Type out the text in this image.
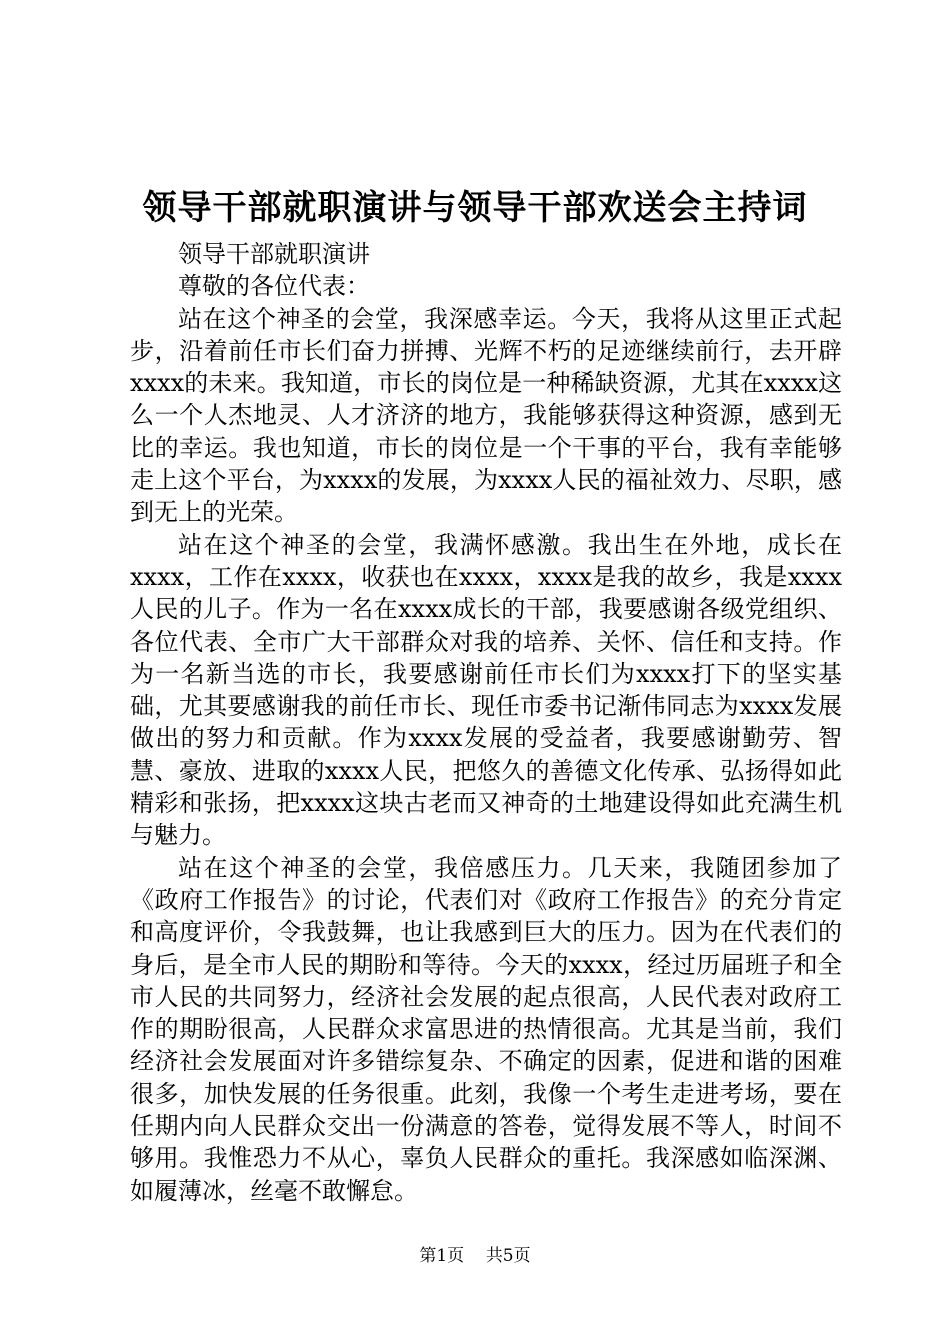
领导干部就职演讲与领导干部欢送会主持词

领导干部就职演讲

尊敬的各位代表：

站在这个神圣的会堂，我深感幸运。今天，我将从这里正式起步，沿着前任市长们奋力拼搏、光辉不朽的足迹继续前行，去开辟xxxx的未来。我知道，市长的岗位是一种稀缺资源，尤其在xxxx这么一个人杰地灵、人才济济的地方，我能够获得这种资源，感到无比的幸运。我也知道，市长的岗位是一个干事的平台，我有幸能够走上这个平台，为xxxx的发展，为xxxx人民的福祉效力、尽职，感到无上的光荣。

站在这个神圣的会堂，我满怀感激。我出生在外地，成长在xxxx，工作在xxxx，收获也在xxxx，xxxx是我的故乡，我是xxxx人民的儿子。作为一名在xxxx成长的干部，我要感谢各级党组织、各位代表、全市广大干部群众对我的培养、关怀、信任和支持。作为一名新当选的市长，我要感谢前任市长们为xxxx打下的坚实基础，尤其要感谢我的前任市长、现任市委书记渐伟同志为xxxx发展做出的努力和贡献。作为xxxx发展的受益者，我要感谢勤劳、智慧、豪放、进取的xxxx人民，把悠久的善德文化传承、弘扬得如此精彩和张扬，把xxxx这块古老而又神奇的土地建设得如此充满生机与魅力。

站在这个神圣的会堂，我倍感压力。几天来，我随团参加了《政府工作报告》的讨论，代表们对《政府工作报告》的充分肯定和高度评价，令我鼓舞，也让我感到巨大的压力。因为在代表们的身后，是全市人民的期盼和等待。今天的xxxx，经过历届班子和全市人民的共同努力，经济社会发展的起点很高，人民代表对政府工作的期盼很高，人民群众求富思进的热情很高。尤其是当前，我们经济社会发展面对许多错综复杂、不确定的因素，促进和谐的困难很多，加快发展的任务很重。此刻，我像一个考生走进考场，要在任期内向人民群众交出一份满意的答卷，觉得发展不等人，时间不够用。我惟恐力不从心，辜负人民群众的重托。我深感如临深渊、如履薄冰，丝毫不敢懈怠。

第1页 共5页
